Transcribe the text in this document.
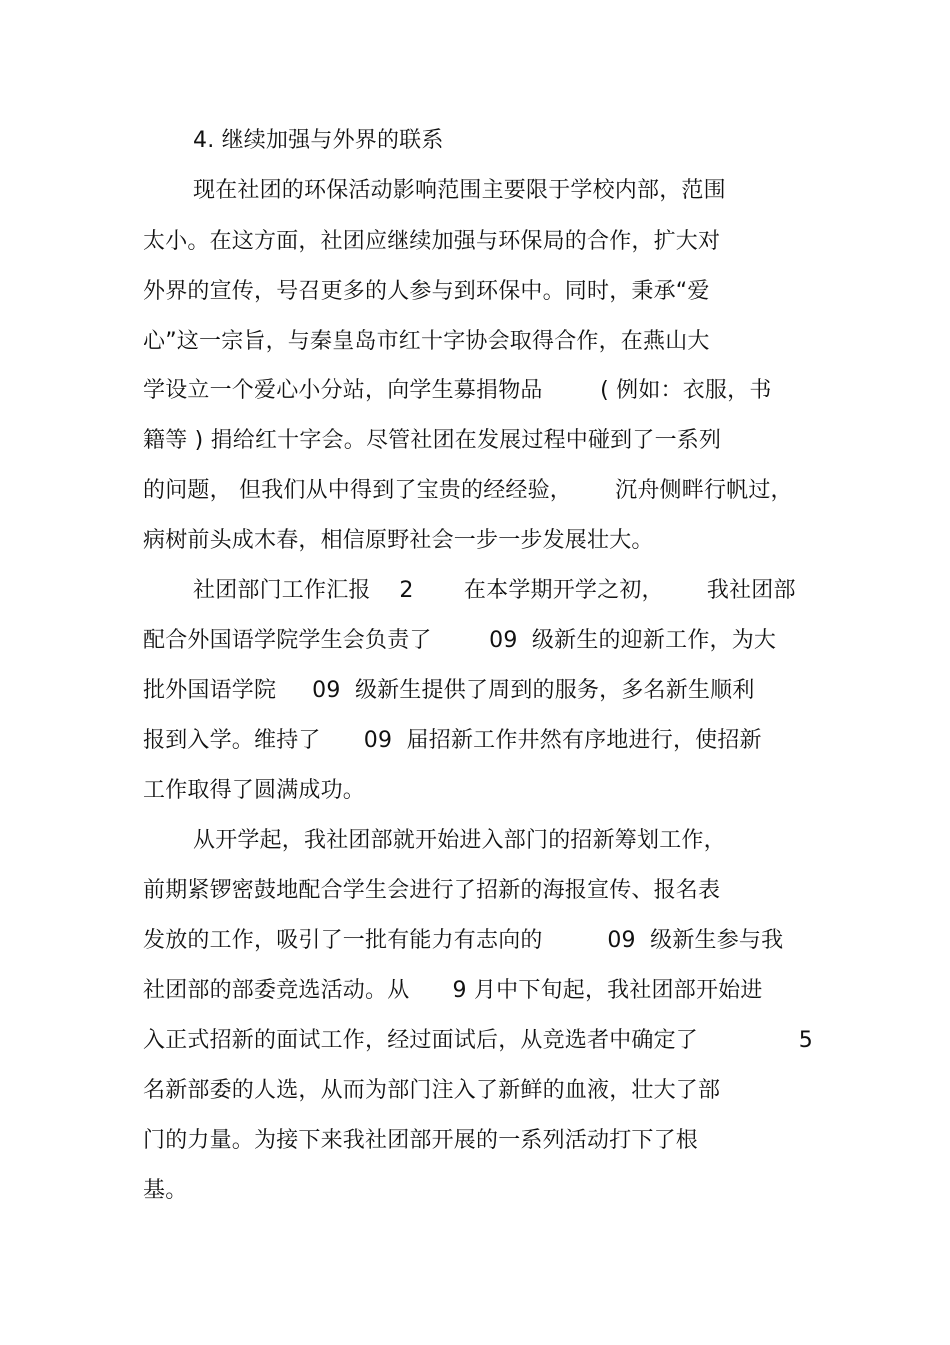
4. 继续加强与外界的联系
现在社团的环保活动影响范围主要限于学校内部，范围
太小。在这方面，社团应继续加强与环保局的合作，扩大对
外界的宣传，号召更多的人参与到环保中。同时，秉承“爱
心”这一宗旨，与秦皇岛市红十字协会取得合作，在燕山大
学设立一个爱心小分站，向学生募捐物品        ( 例如：衣服，书
籍等 ) 捐给红十字会。尽管社团在发展过程中碰到了一系列
的问题， 但我们从中得到了宝贵的经经验，      沉舟侧畔行帆过，
病树前头成木春，相信原野社会一步一步发展壮大。
社团部门工作汇报    2       在本学期开学之初，      我社团部
配合外国语学院学生会负责了        09  级新生的迎新工作，为大
批外国语学院     09  级新生提供了周到的服务，多名新生顺利
报到入学。维持了      09  届招新工作井然有序地进行，使招新
工作取得了圆满成功。
从开学起，我社团部就开始进入部门的招新筹划工作，
前期紧锣密鼓地配合学生会进行了招新的海报宣传、报名表
发放的工作，吸引了一批有能力有志向的         09  级新生参与我
社团部的部委竞选活动。从      9 月中下旬起，我社团部开始进
入正式招新的面试工作，经过面试后，从竞选者中确定了              5
名新部委的人选，从而为部门注入了新鲜的血液，壮大了部
门的力量。为接下来我社团部开展的一系列活动打下了根
基。
